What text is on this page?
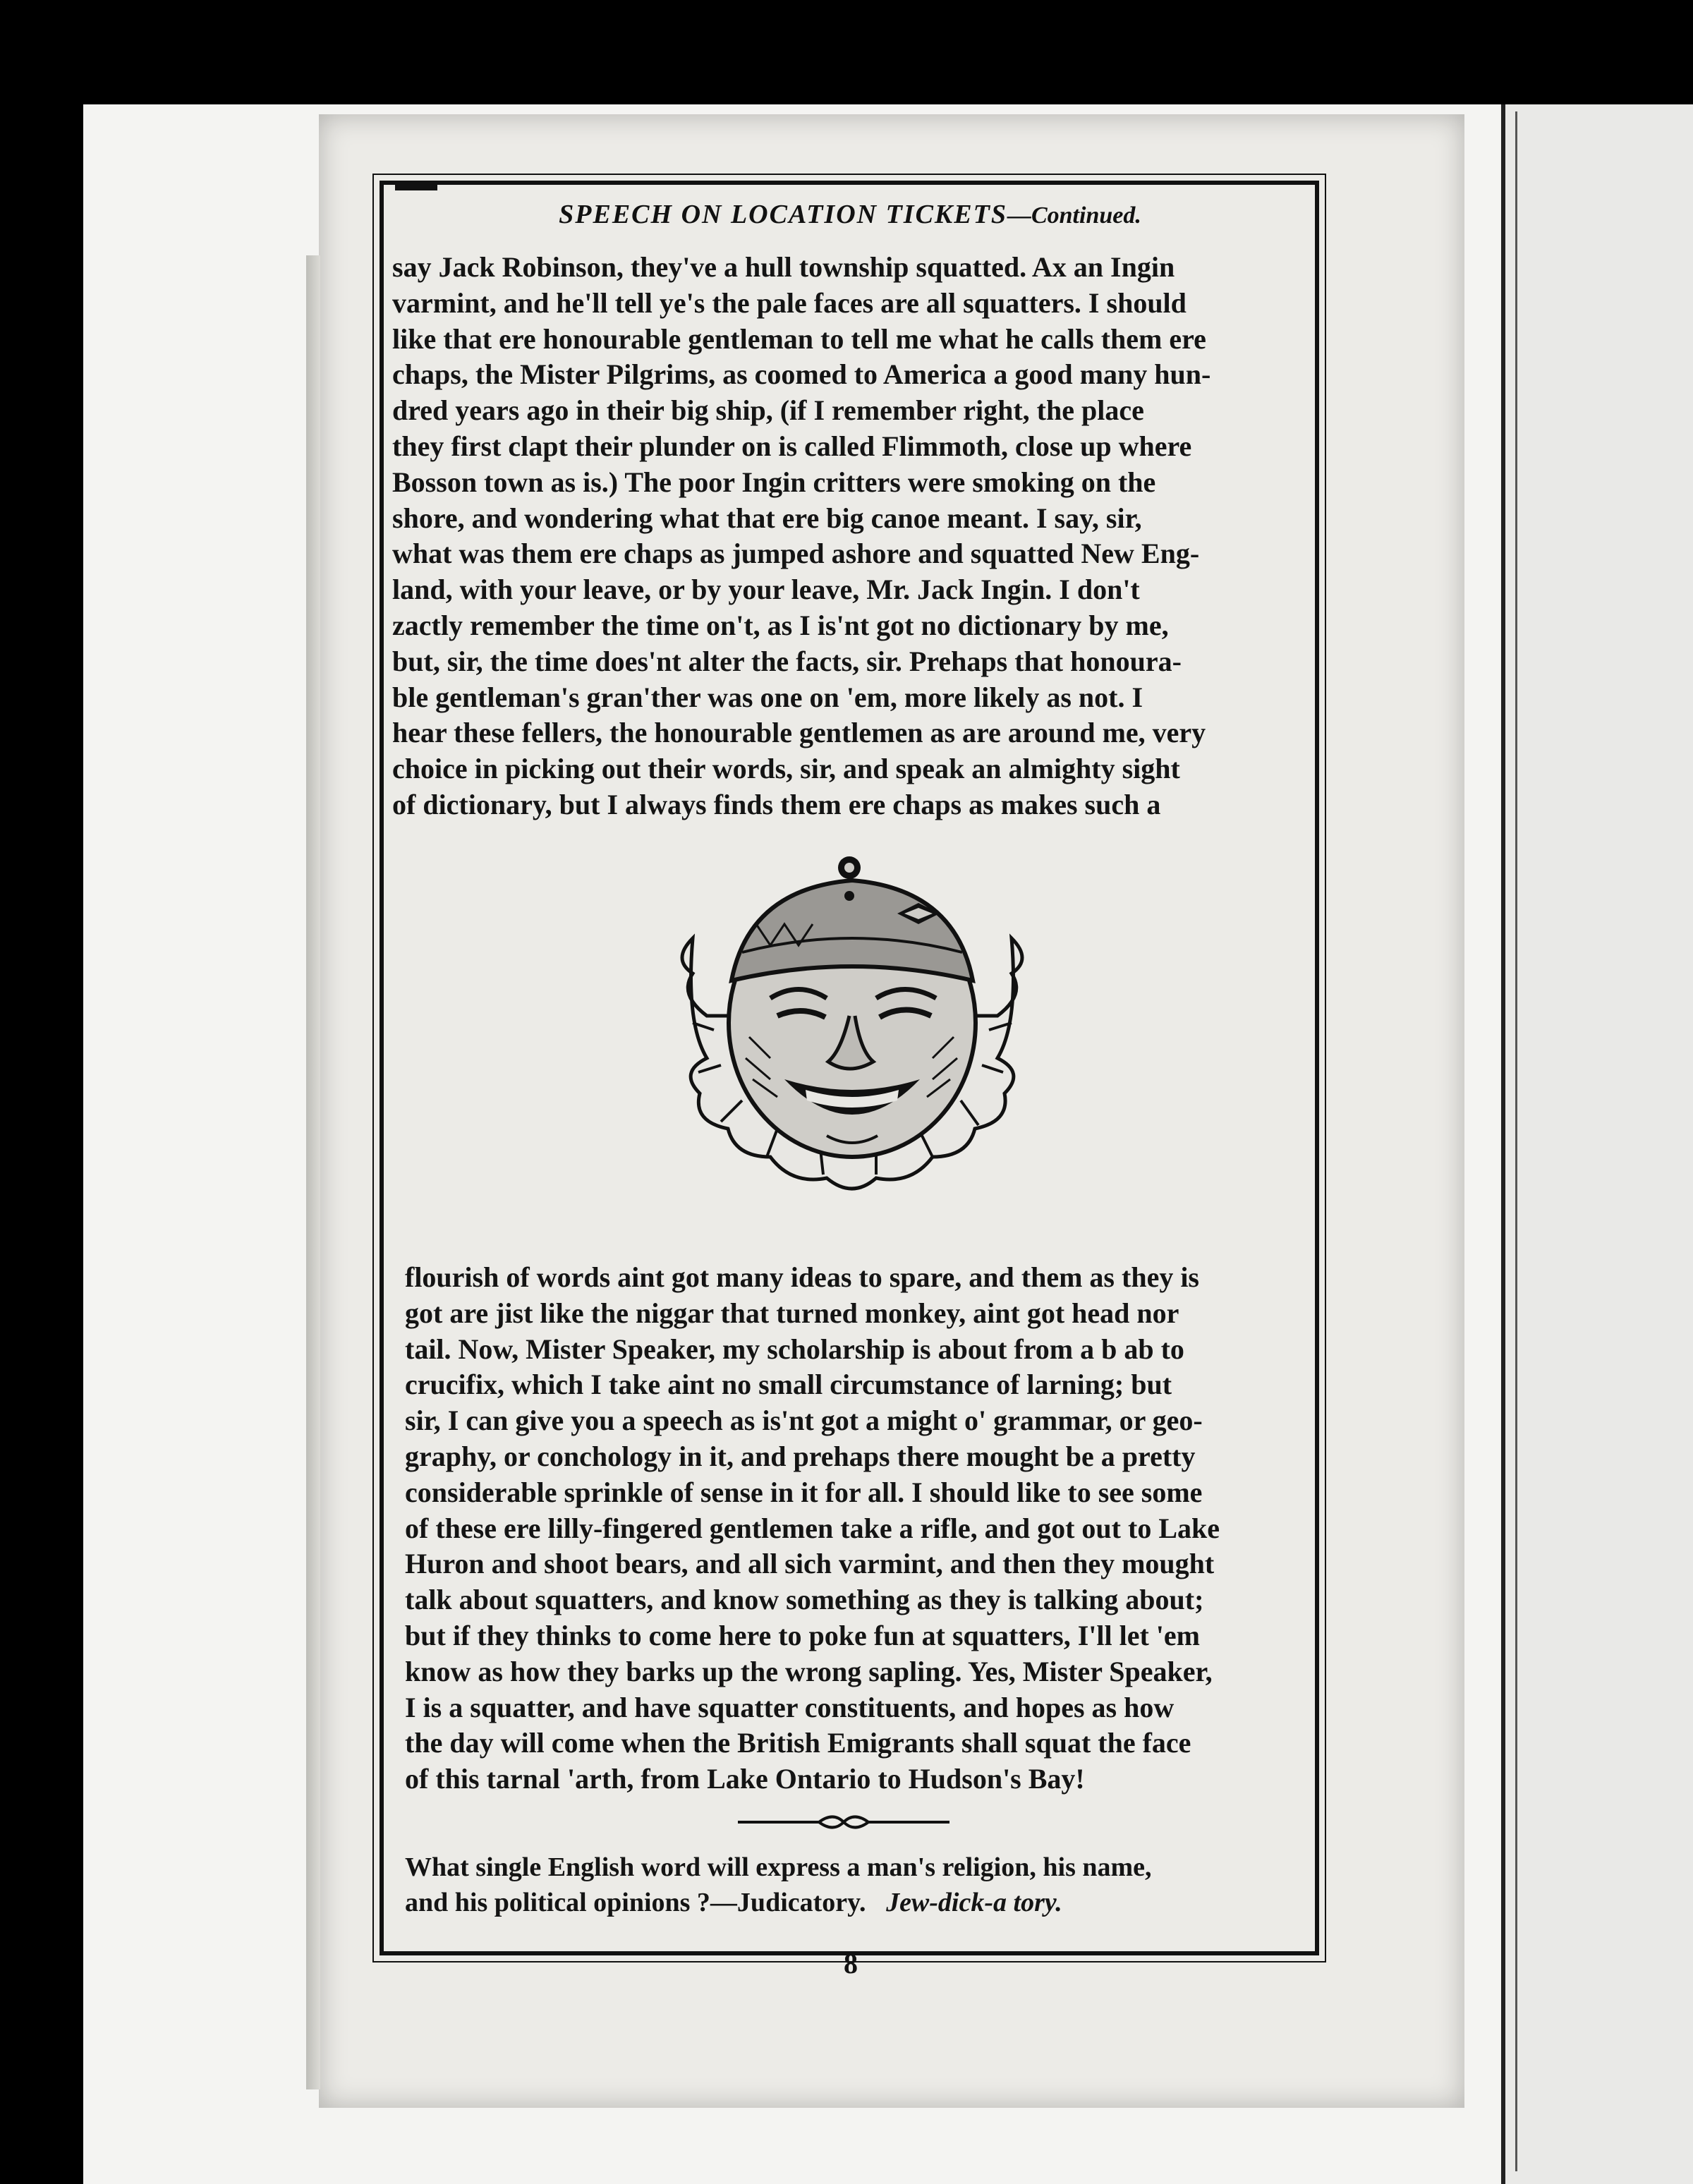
SPEECH ON LOCATION TICKETS—Continued.
say Jack Robinson, they've a hull township squatted. Ax an Ingin
varmint, and he'll tell ye's the pale faces are all squatters. I should
like that ere honourable gentleman to tell me what he calls them ere
chaps, the Mister Pilgrims, as coomed to America a good many hun-
dred years ago in their big ship, (if I remember right, the place
they first clapt their plunder on is called Flimmoth, close up where
Bosson town as is.) The poor Ingin critters were smoking on the
shore, and wondering what that ere big canoe meant. I say, sir,
what was them ere chaps as jumped ashore and squatted New Eng-
land, with your leave, or by your leave, Mr. Jack Ingin. I don't
zactly remember the time on't, as I is'nt got no dictionary by me,
but, sir, the time does'nt alter the facts, sir. Prehaps that honoura-
ble gentleman's gran'ther was one on 'em, more likely as not. I
hear these fellers, the honourable gentlemen as are around me, very
choice in picking out their words, sir, and speak an almighty sight
of dictionary, but I always finds them ere chaps as makes such a
flourish of words aint got many ideas to spare, and them as they is
got are jist like the niggar that turned monkey, aint got head nor
tail. Now, Mister Speaker, my scholarship is about from a b ab to
crucifix, which I take aint no small circumstance of larning; but
sir, I can give you a speech as is'nt got a might o' grammar, or geo-
graphy, or conchology in it, and prehaps there mought be a pretty
considerable sprinkle of sense in it for all. I should like to see some
of these ere lilly-fingered gentlemen take a rifle, and got out to Lake
Huron and shoot bears, and all sich varmint, and then they mought
talk about squatters, and know something as they is talking about;
but if they thinks to come here to poke fun at squatters, I'll let 'em
know as how they barks up the wrong sapling. Yes, Mister Speaker,
I is a squatter, and have squatter constituents, and hopes as how
the day will come when the British Emigrants shall squat the face
of this tarnal 'arth, from Lake Ontario to Hudson's Bay!
What single English word will express a man's religion, his name,
and his political opinions ?—Judicatory. Jew-dick-a tory.
8
